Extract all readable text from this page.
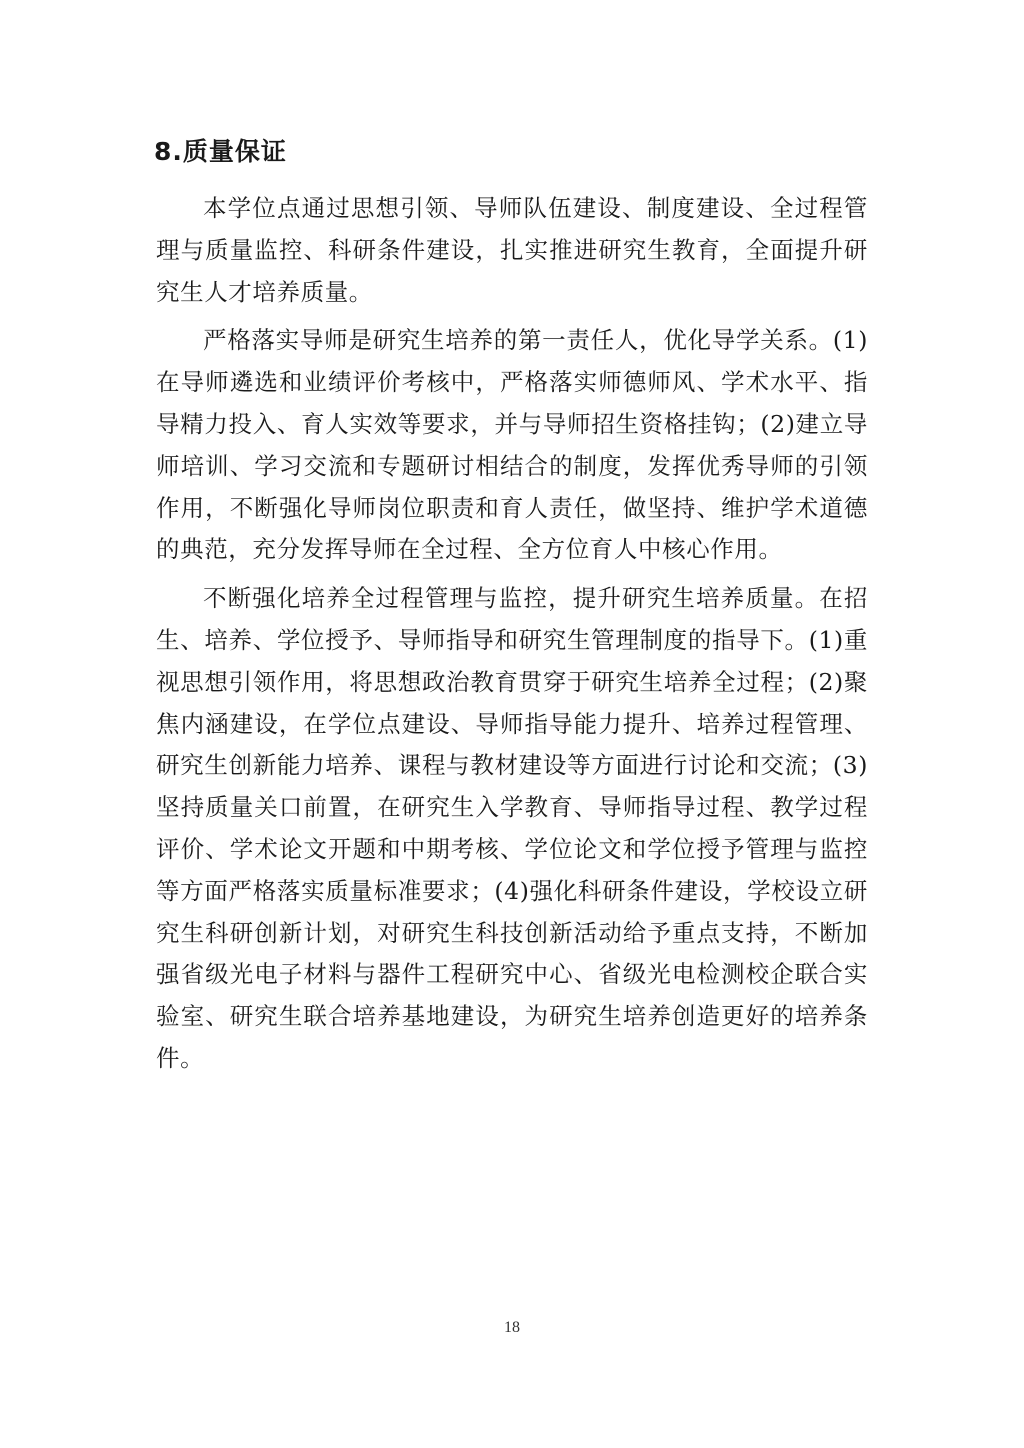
8.质量保证

本学位点通过思想引领、导师队伍建设、制度建设、全过程管理与质量监控、科研条件建设，扎实推进研究生教育，全面提升研究生人才培养质量。

严格落实导师是研究生培养的第一责任人，优化导学关系。(1)在导师遴选和业绩评价考核中，严格落实师德师风、学术水平、指导精力投入、育人实效等要求，并与导师招生资格挂钩；(2)建立导师培训、学习交流和专题研讨相结合的制度，发挥优秀导师的引领作用，不断强化导师岗位职责和育人责任，做坚持、维护学术道德的典范，充分发挥导师在全过程、全方位育人中核心作用。

不断强化培养全过程管理与监控，提升研究生培养质量。在招生、培养、学位授予、导师指导和研究生管理制度的指导下。(1)重视思想引领作用，将思想政治教育贯穿于研究生培养全过程；(2)聚焦内涵建设，在学位点建设、导师指导能力提升、培养过程管理、研究生创新能力培养、课程与教材建设等方面进行讨论和交流；(3)坚持质量关口前置，在研究生入学教育、导师指导过程、教学过程评价、学术论文开题和中期考核、学位论文和学位授予管理与监控等方面严格落实质量标准要求；(4)强化科研条件建设，学校设立研究生科研创新计划，对研究生科技创新活动给予重点支持，不断加强省级光电子材料与器件工程研究中心、省级光电检测校企联合实验室、研究生联合培养基地建设，为研究生培养创造更好的培养条件。

18
